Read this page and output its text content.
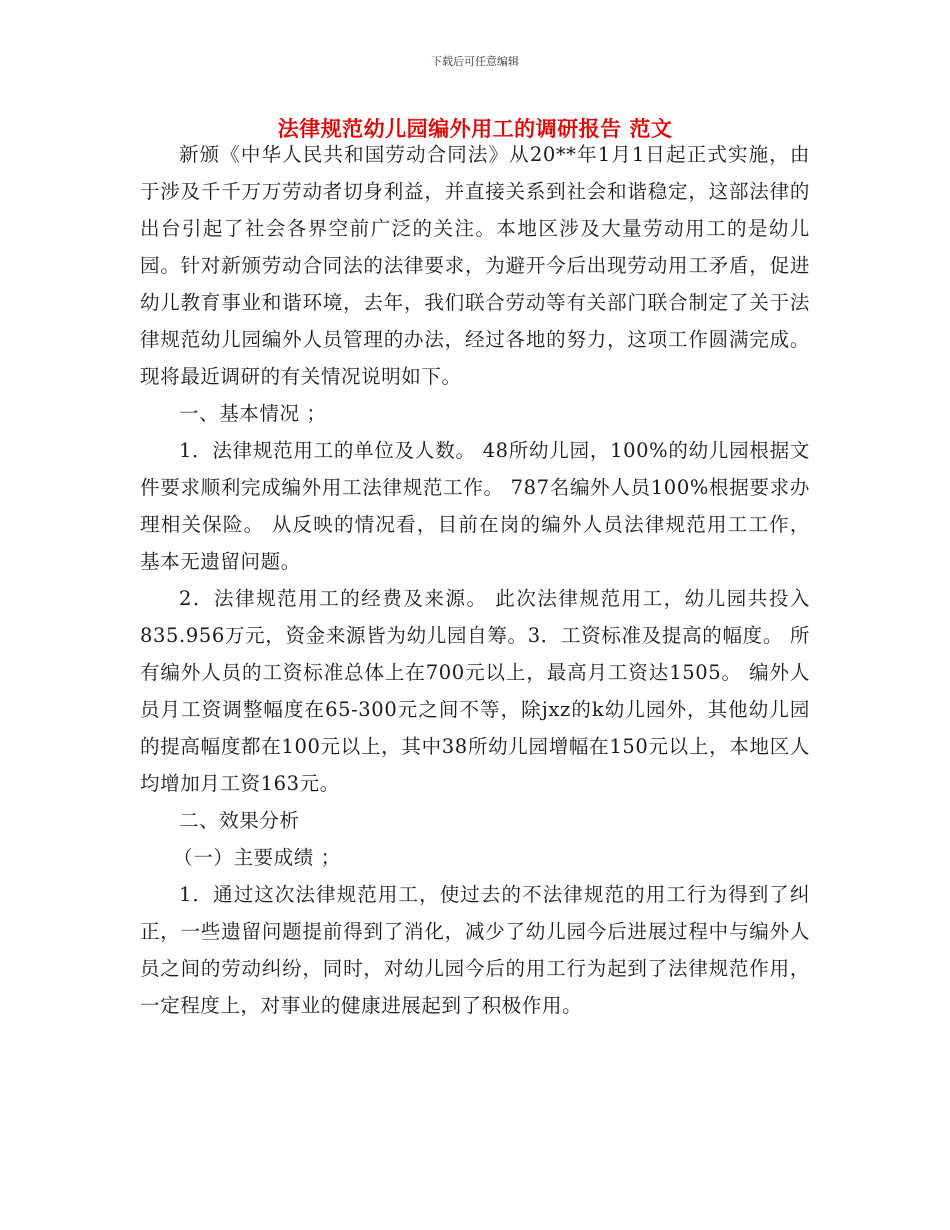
下载后可任意编辑
法律规范幼儿园编外用工的调研报告 范文

新颁《中华人民共和国劳动合同法》从20**年1月1日起正式实施，由于涉及千千万万劳动者切身利益，并直接关系到社会和谐稳定，这部法律的出台引起了社会各界空前广泛的关注。本地区涉及大量劳动用工的是幼儿园。针对新颁劳动合同法的法律要求，为避开今后出现劳动用工矛盾，促进幼儿教育事业和谐环境，去年，我们联合劳动等有关部门联合制定了关于法律规范幼儿园编外人员管理的办法，经过各地的努力，这项工作圆满完成。现将最近调研的有关情况说明如下。

一、基本情况 ；

1．法律规范用工的单位及人数。 48所幼儿园，100%的幼儿园根据文件要求顺利完成编外用工法律规范工作。 787名编外人员100%根据要求办理相关保险。 从反映的情况看，目前在岗的编外人员法律规范用工工作，基本无遗留问题。

2．法律规范用工的经费及来源。 此次法律规范用工，幼儿园共投入835.956万元，资金来源皆为幼儿园自筹。3．工资标准及提高的幅度。 所有编外人员的工资标准总体上在700元以上，最高月工资达1505。 编外人员月工资调整幅度在65-300元之间不等，除jxz的k幼儿园外，其他幼儿园的提高幅度都在100元以上，其中38所幼儿园增幅在150元以上，本地区人均增加月工资163元。

二、效果分析

（一）主要成绩 ；

1．通过这次法律规范用工，使过去的不法律规范的用工行为得到了纠正，一些遗留问题提前得到了消化，减少了幼儿园今后进展过程中与编外人员之间的劳动纠纷，同时，对幼儿园今后的用工行为起到了法律规范作用，一定程度上，对事业的健康进展起到了积极作用。
